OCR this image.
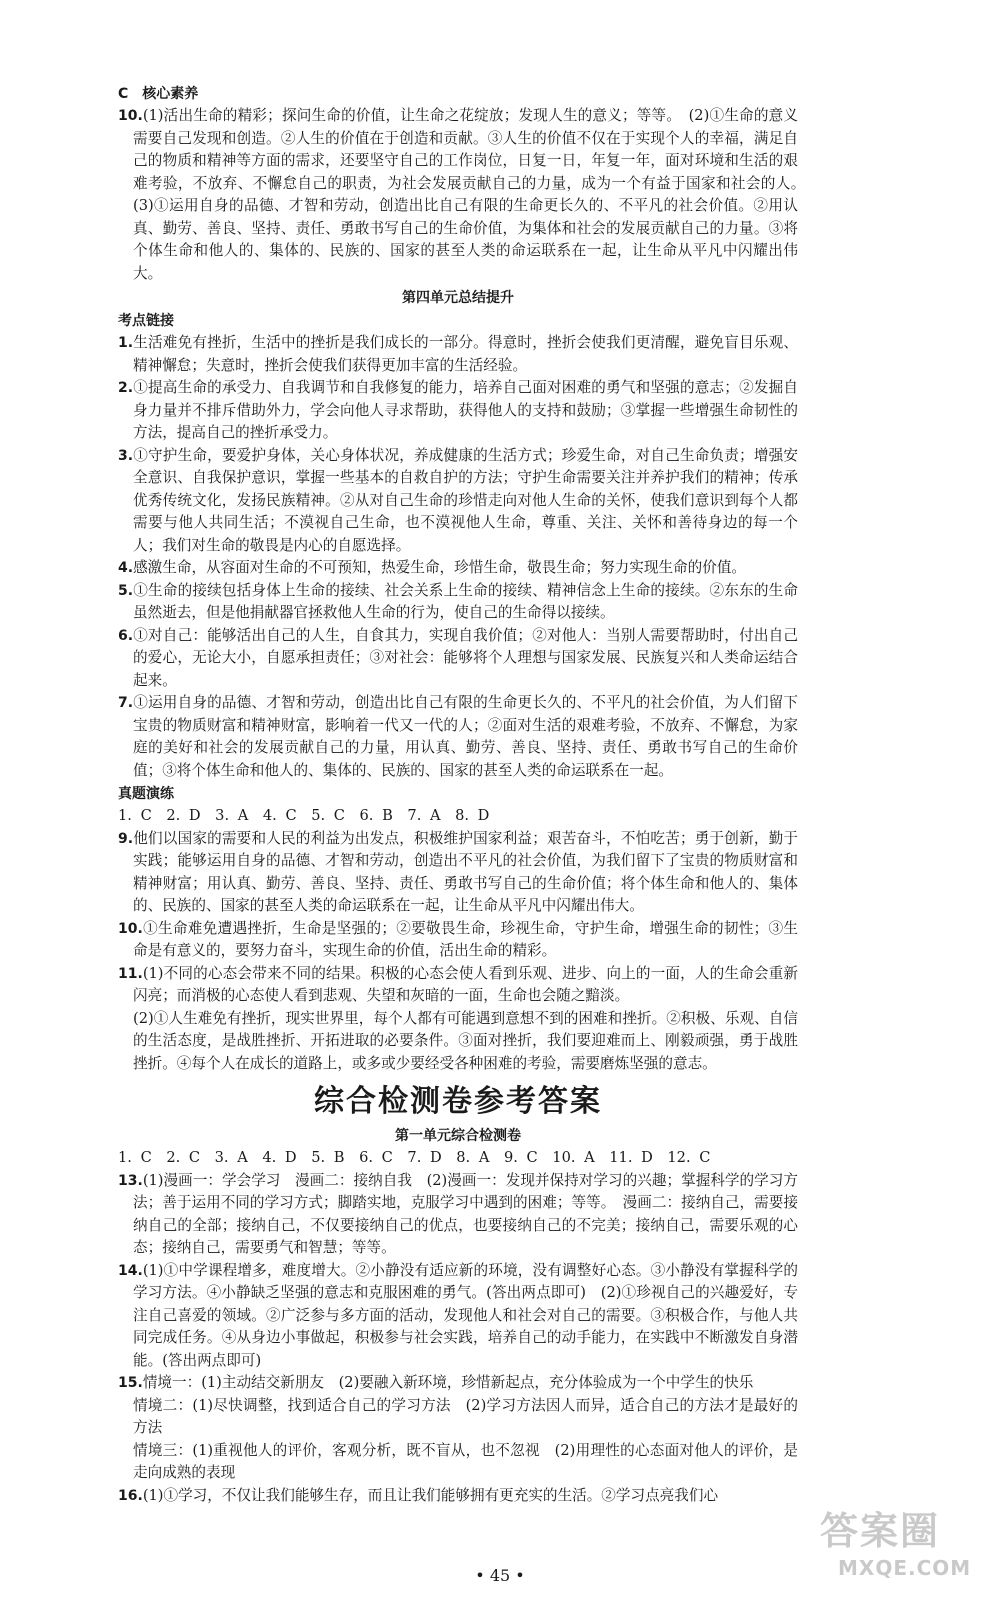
C　核心素养

10.(1)活出生命的精彩；探问生命的价值，让生命之花绽放；发现人生的意义；等等。　(2)①生命的意义需要自己发现和创造。②人生的价值在于创造和贡献。③人生的价值不仅在于实现个人的幸福，满足自己的物质和精神等方面的需求，还要坚守自己的工作岗位，日复一日，年复一年，面对环境和生活的艰难考验，不放弃、不懈怠自己的职责，为社会发展贡献自己的力量，成为一个有益于国家和社会的人。　(3)①运用自身的品德、才智和劳动，创造出比自己有限的生命更长久的、不平凡的社会价值。②用认真、勤劳、善良、坚持、责任、勇敢书写自己的生命价值，为集体和社会的发展贡献自己的力量。③将个体生命和他人的、集体的、民族的、国家的甚至人类的命运联系在一起，让生命从平凡中闪耀出伟大。

第四单元总结提升

考点链接

1.生活难免有挫折，生活中的挫折是我们成长的一部分。得意时，挫折会使我们更清醒，避免盲目乐观、精神懈怠；失意时，挫折会使我们获得更加丰富的生活经验。

2.①提高生命的承受力、自我调节和自我修复的能力，培养自己面对困难的勇气和坚强的意志；②发掘自身力量并不排斥借助外力，学会向他人寻求帮助，获得他人的支持和鼓励；③掌握一些增强生命韧性的方法，提高自己的挫折承受力。

3.①守护生命，要爱护身体，关心身体状况，养成健康的生活方式；珍爱生命，对自己生命负责；增强安全意识、自我保护意识，掌握一些基本的自救自护的方法；守护生命需要关注并养护我们的精神；传承优秀传统文化，发扬民族精神。②从对自己生命的珍惜走向对他人生命的关怀，使我们意识到每个人都需要与他人共同生活；不漠视自己生命，也不漠视他人生命，尊重、关注、关怀和善待身边的每一个人；我们对生命的敬畏是内心的自愿选择。

4.感激生命，从容面对生命的不可预知，热爱生命，珍惜生命，敬畏生命；努力实现生命的价值。

5.①生命的接续包括身体上生命的接续、社会关系上生命的接续、精神信念上生命的接续。②东东的生命虽然逝去，但是他捐献器官拯救他人生命的行为，使自己的生命得以接续。

6.①对自己：能够活出自己的人生，自食其力，实现自我价值；②对他人：当别人需要帮助时，付出自己的爱心，无论大小，自愿承担责任；③对社会：能够将个人理想与国家发展、民族复兴和人类命运结合起来。

7.①运用自身的品德、才智和劳动，创造出比自己有限的生命更长久的、不平凡的社会价值，为人们留下宝贵的物质财富和精神财富，影响着一代又一代的人；②面对生活的艰难考验，不放弃、不懈怠，为家庭的美好和社会的发展贡献自己的力量，用认真、勤劳、善良、坚持、责任、勇敢书写自己的生命价值；③将个体生命和他人的、集体的、民族的、国家的甚至人类的命运联系在一起。

真题演练

1. C　2. D　3. A　4. C　5. C　6. B　7. A　8. D

9.他们以国家的需要和人民的利益为出发点，积极维护国家利益；艰苦奋斗，不怕吃苦；勇于创新，勤于实践；能够运用自身的品德、才智和劳动，创造出不平凡的社会价值，为我们留下了宝贵的物质财富和精神财富；用认真、勤劳、善良、坚持、责任、勇敢书写自己的生命价值；将个体生命和他人的、集体的、民族的、国家的甚至人类的命运联系在一起，让生命从平凡中闪耀出伟大。

10.①生命难免遭遇挫折，生命是坚强的；②要敬畏生命，珍视生命，守护生命，增强生命的韧性；③生命是有意义的，要努力奋斗，实现生命的价值，活出生命的精彩。

11.(1)不同的心态会带来不同的结果。积极的心态会使人看到乐观、进步、向上的一面，人的生命会重新闪亮；而消极的心态使人看到悲观、失望和灰暗的一面，生命也会随之黯淡。

(2)①人生难免有挫折，现实世界里，每个人都有可能遇到意想不到的困难和挫折。②积极、乐观、自信的生活态度，是战胜挫折、开拓进取的必要条件。③面对挫折，我们要迎难而上、刚毅顽强，勇于战胜挫折。④每个人在成长的道路上，或多或少要经受各种困难的考验，需要磨炼坚强的意志。

综合检测卷参考答案

第一单元综合检测卷

1. C　2. C　3. A　4. D　5. B　6. C　7. D　8. A　9. C　10. A　11. D　12. C

13.(1)漫画一：学会学习　漫画二：接纳自我　(2)漫画一：发现并保持对学习的兴趣；掌握科学的学习方法；善于运用不同的学习方式；脚踏实地，克服学习中遇到的困难；等等。　漫画二：接纳自己，需要接纳自己的全部；接纳自己，不仅要接纳自己的优点，也要接纳自己的不完美；接纳自己，需要乐观的心态；接纳自己，需要勇气和智慧；等等。

14.(1)①中学课程增多，难度增大。②小静没有适应新的环境，没有调整好心态。③小静没有掌握科学的学习方法。④小静缺乏坚强的意志和克服困难的勇气。(答出两点即可)　(2)①珍视自己的兴趣爱好，专注自己喜爱的领域。②广泛参与多方面的活动，发现他人和社会对自己的需要。③积极合作，与他人共同完成任务。④从身边小事做起，积极参与社会实践，培养自己的动手能力，在实践中不断激发自身潜能。(答出两点即可)

15.情境一：(1)主动结交新朋友　(2)要融入新环境，珍惜新起点，充分体验成为一个中学生的快乐

情境二：(1)尽快调整，找到适合自己的学习方法　(2)学习方法因人而异，适合自己的方法才是最好的方法

情境三：(1)重视他人的评价，客观分析，既不盲从，也不忽视　(2)用理性的心态面对他人的评价，是走向成熟的表现

16.(1)①学习，不仅让我们能够生存，而且让我们能够拥有更充实的生活。②学习点亮我们心

• 45 •
答案圈
MXQE.COM
